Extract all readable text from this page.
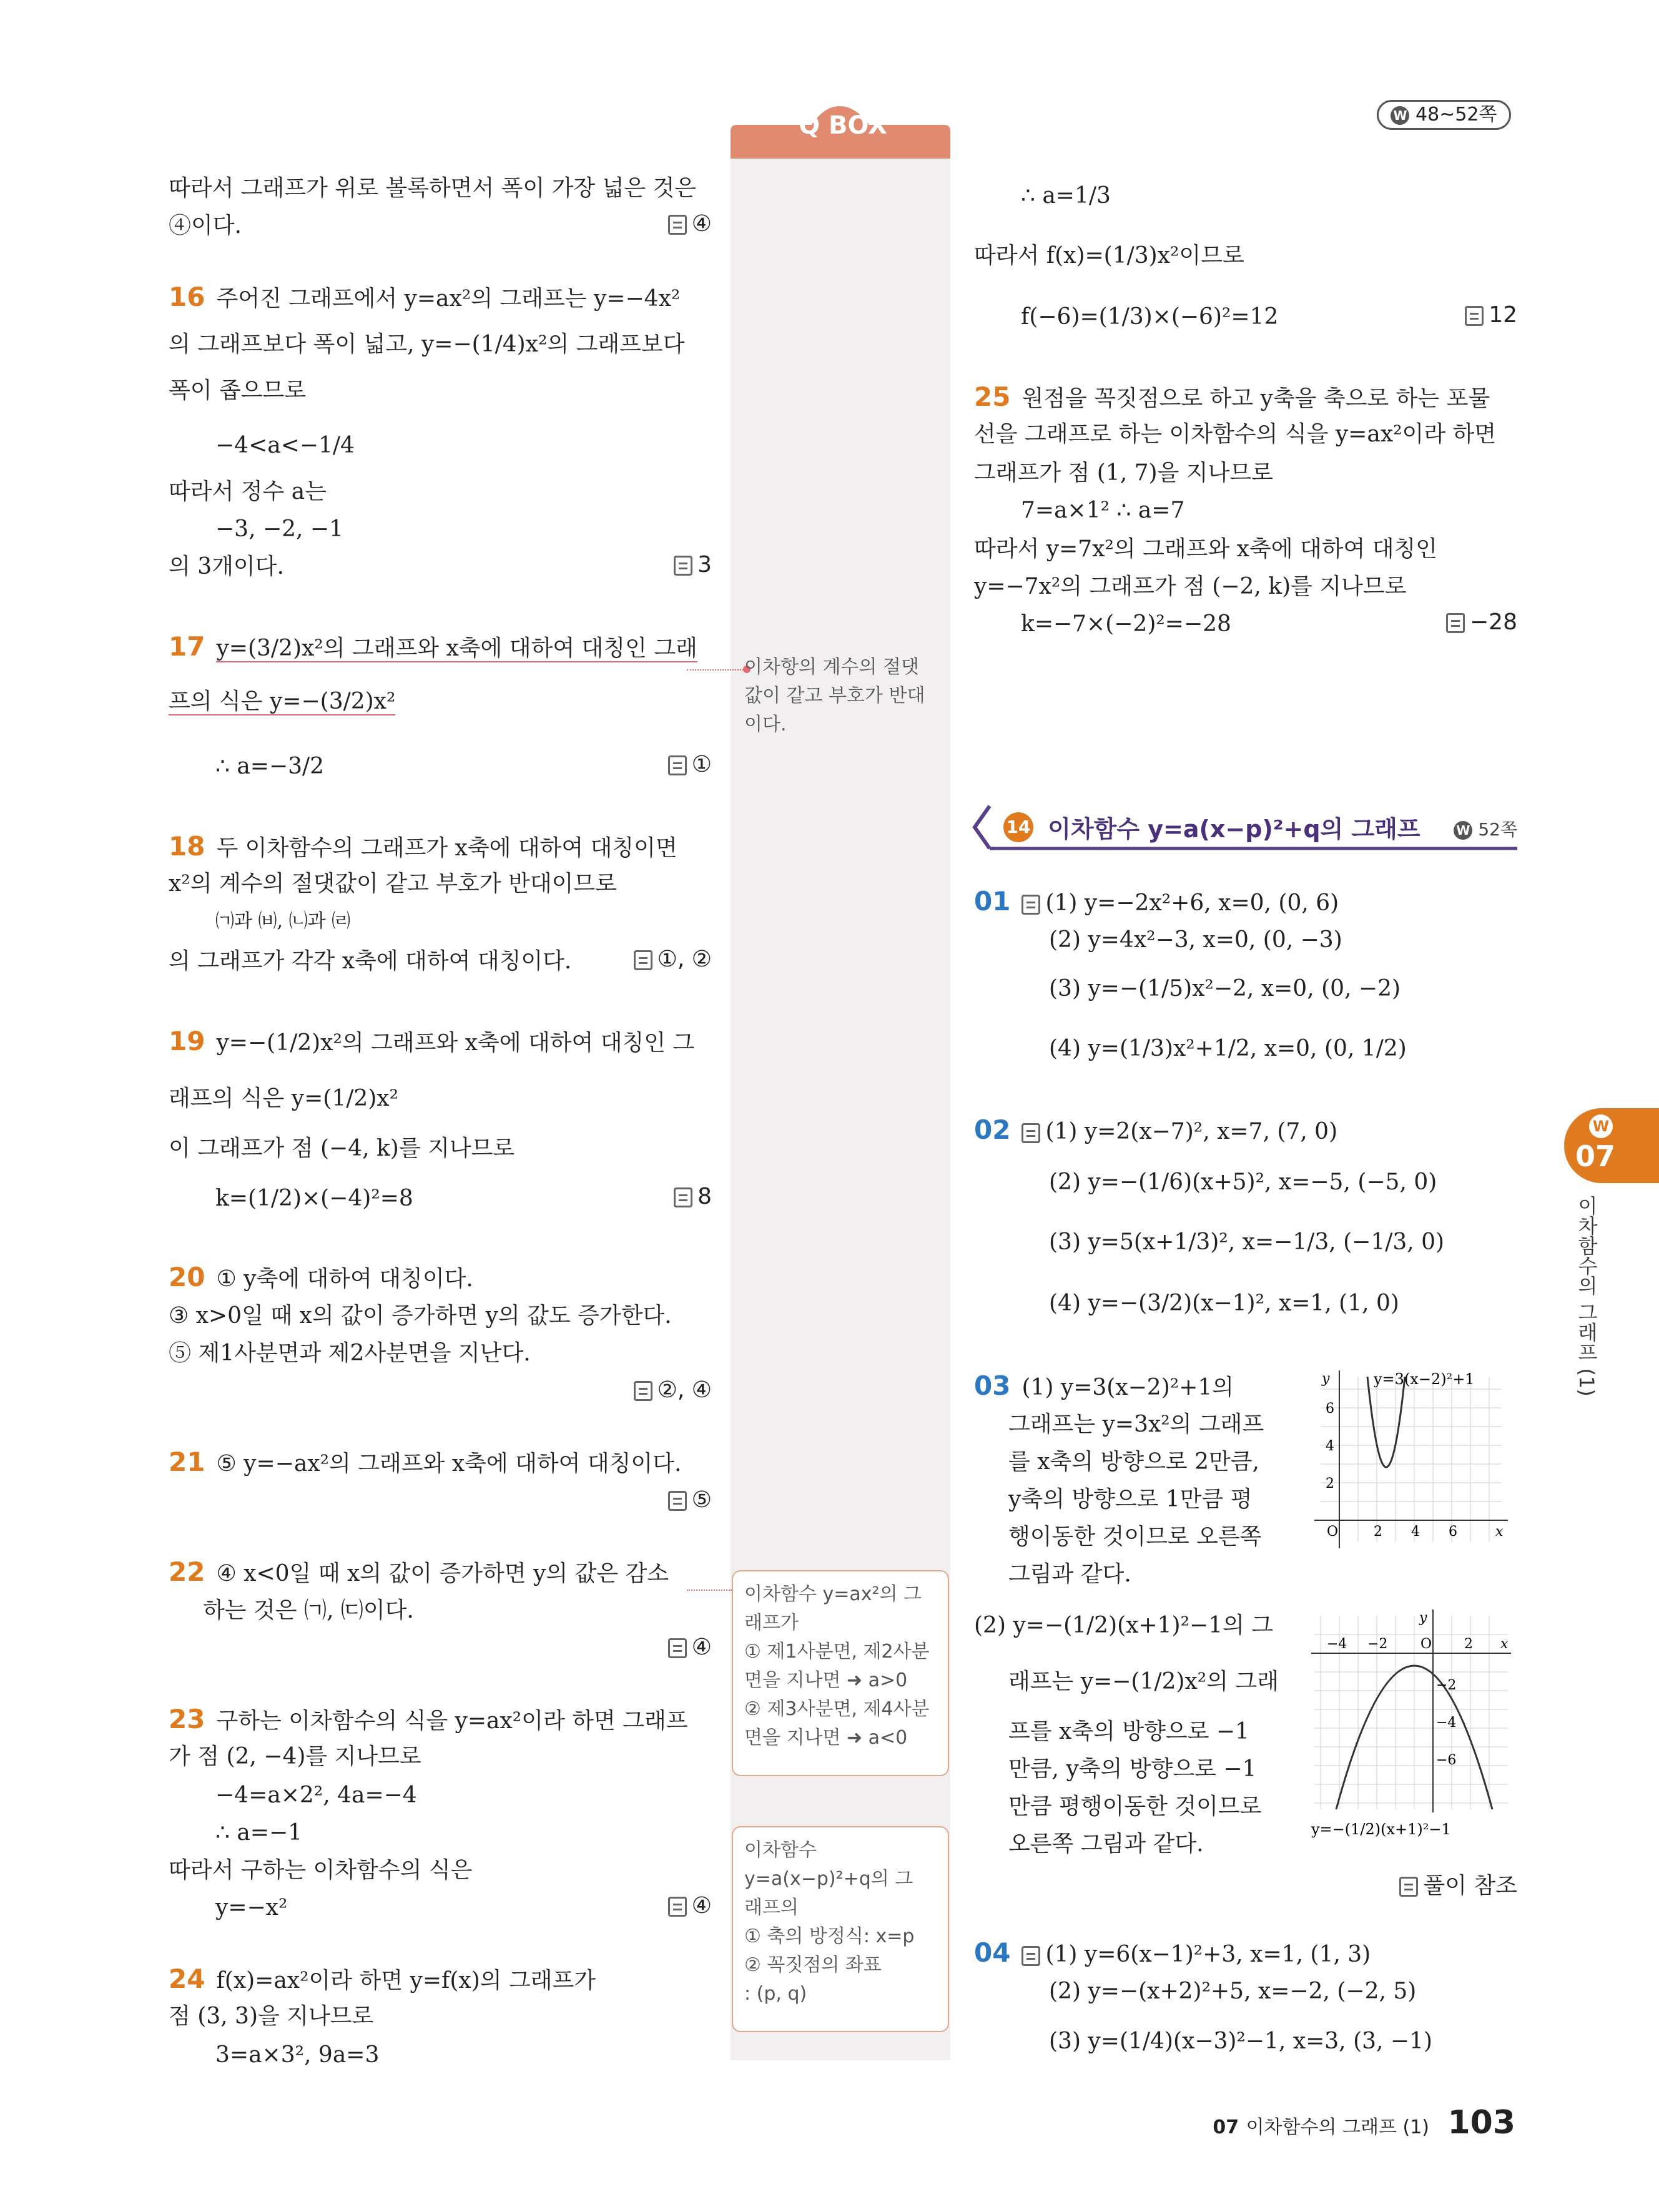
W 48~52쪽
Q BOX
따라서 그래프가 위로 볼록하면서 폭이 가장 넓은 것은
④이다.	④
16 주어진 그래프에서 y=ax²의 그래프는 y=−4x²
의 그래프보다 폭이 넓고, y=−(1/4)x²의 그래프보다
폭이 좁으므로
−4<a<−1/4
따라서 정수 a는
−3, −2, −1
의 3개이다.	3
17 y=(3/2)x²의 그래프와 x축에 대하여 대칭인 그래
프의 식은 y=−(3/2)x²
∴ a=−3/2	①
18 두 이차함수의 그래프가 x축에 대하여 대칭이면
x²의 계수의 절댓값이 같고 부호가 반대이므로
㈀과 ㈅, ㈁과 ㈃
의 그래프가 각각 x축에 대하여 대칭이다.	①, ②
19 y=−(1/2)x²의 그래프와 x축에 대하여 대칭인 그
래프의 식은 y=(1/2)x²
이 그래프가 점 (−4, k)를 지나므로
k=(1/2)×(−4)²=8	8
20 ① y축에 대하여 대칭이다.
③ x>0일 때 x의 값이 증가하면 y의 값도 증가한다.
⑤ 제1사분면과 제2사분면을 지난다.
②, ④
21 ⑤ y=−ax²의 그래프와 x축에 대하여 대칭이다.
⑤
22 ④ x<0일 때 x의 값이 증가하면 y의 값은 감소
하는 것은 ㈀, ㈂이다.
④
23 구하는 이차함수의 식을 y=ax²이라 하면 그래프
가 점 (2, −4)를 지나므로
−4=a×2², 4a=−4
∴ a=−1
따라서 구하는 이차함수의 식은
y=−x²	④
24 f(x)=ax²이라 하면 y=f(x)의 그래프가
점 (3, 3)을 지나므로
3=a×3², 9a=3
이차항의 계수의 절댓
값이 같고 부호가 반대
이다.
이차함수 y=ax²의 그
래프가
① 제1사분면, 제2사분
면을 지나면 ➜ a>0
② 제3사분면, 제4사분
면을 지나면 ➜ a<0
이차함수
y=a(x−p)²+q의 그
래프의
① 축의 방정식: x=p
② 꼭짓점의 좌표
: (p, q)
∴ a=1/3
따라서 f(x)=(1/3)x²이므로
f(−6)=(1/3)×(−6)²=12	12
25 원점을 꼭짓점으로 하고 y축을 축으로 하는 포물
선을 그래프로 하는 이차함수의 식을 y=ax²이라 하면
그래프가 점 (1, 7)을 지나므로
7=a×1² ∴ a=7
따라서 y=7x²의 그래프와 x축에 대하여 대칭인
y=−7x²의 그래프가 점 (−2, k)를 지나므로
k=−7×(−2)²=−28	−28
14 이차함수 y=a(x−p)²+q의 그래프	W 52쪽
01 (1) y=−2x²+6, x=0, (0, 6)
(2) y=4x²−3, x=0, (0, −3)
(3) y=−(1/5)x²−2, x=0, (0, −2)
(4) y=(1/3)x²+1/2, x=0, (0, 1/2)
02 (1) y=2(x−7)², x=7, (7, 0)
(2) y=−(1/6)(x+5)², x=−5, (−5, 0)
(3) y=5(x+1/3)², x=−1/3, (−1/3, 0)
(4) y=−(3/2)(x−1)², x=1, (1, 0)
03 (1) y=3(x−2)²+1의
그래프는 y=3x²의 그래프
를 x축의 방향으로 2만큼,
y축의 방향으로 1만큼 평
행이동한 것이므로 오른쪽
그림과 같다.
(2) y=−(1/2)(x+1)²−1의 그
래프는 y=−(1/2)x²의 그래
프를 x축의 방향으로 −1
만큼, y축의 방향으로 −1
만큼 평행이동한 것이므로
오른쪽 그림과 같다.
풀이 참조
04 (1) y=6(x−1)²+3, x=1, (1, 3)
(2) y=−(x+2)²+5, x=−2, (−2, 5)
(3) y=(1/4)(x−3)²−1, x=3, (3, −1)
y
x
y=3(x−2)²+1
6
4
2
O	2 4 6
y
x
−2
−4
−6
−4 −2 O 2
y=−(1/2)(x+1)²−1
W
07
이차함수의 그래프 (1)
07 이차함수의 그래프 (1) 103
